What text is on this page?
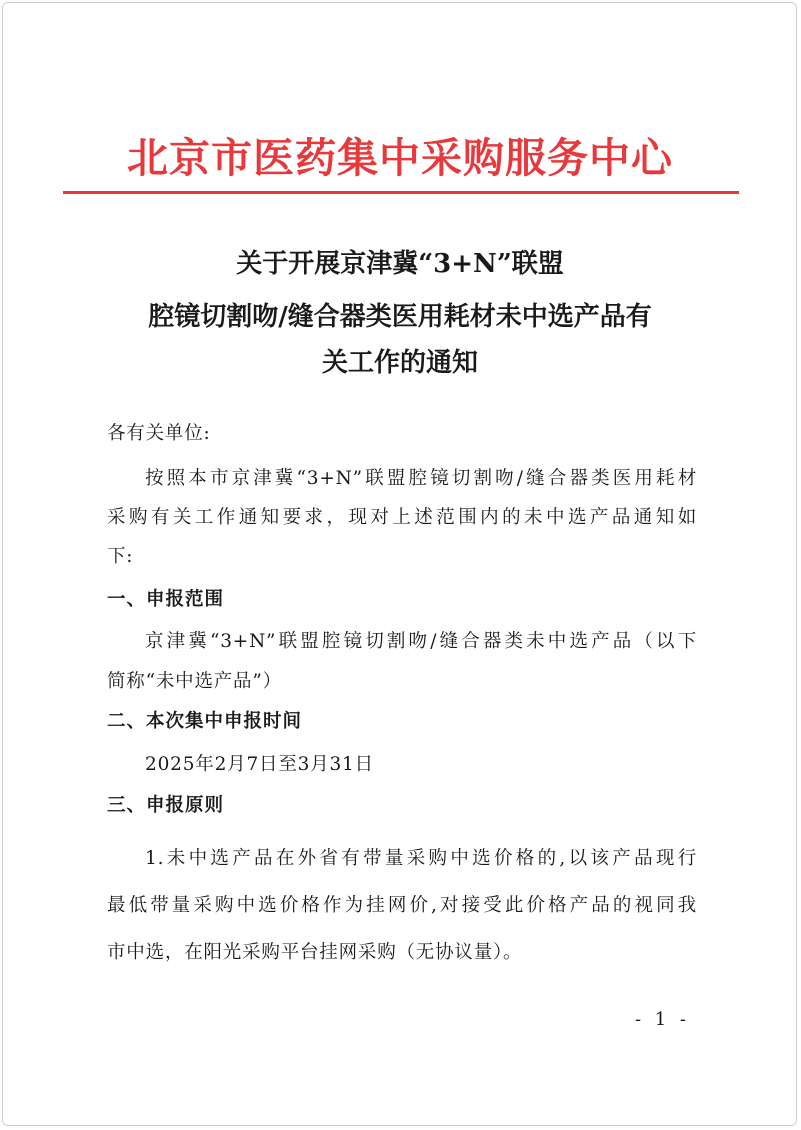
北京市医药集中采购服务中心
关于开展京津冀“3+N”联盟
腔镜切割吻/缝合器类医用耗材未中选产品有
关工作的通知
各有关单位:
按照本市京津冀“3+N”联盟腔镜切割吻/缝合器类医用耗材
采购有关工作通知要求，现对上述范围内的未中选产品通知如
下:
一、申报范围
京津冀“3+N”联盟腔镜切割吻/缝合器类未中选产品（以下
简称“未中选产品”）
二、本次集中申报时间
2025年2月7日至3月31日
三、申报原则
1.未中选产品在外省有带量采购中选价格的,以该产品现行
最低带量采购中选价格作为挂网价,对接受此价格产品的视同我
市中选，在阳光采购平台挂网采购（无协议量）。
- 1 -
